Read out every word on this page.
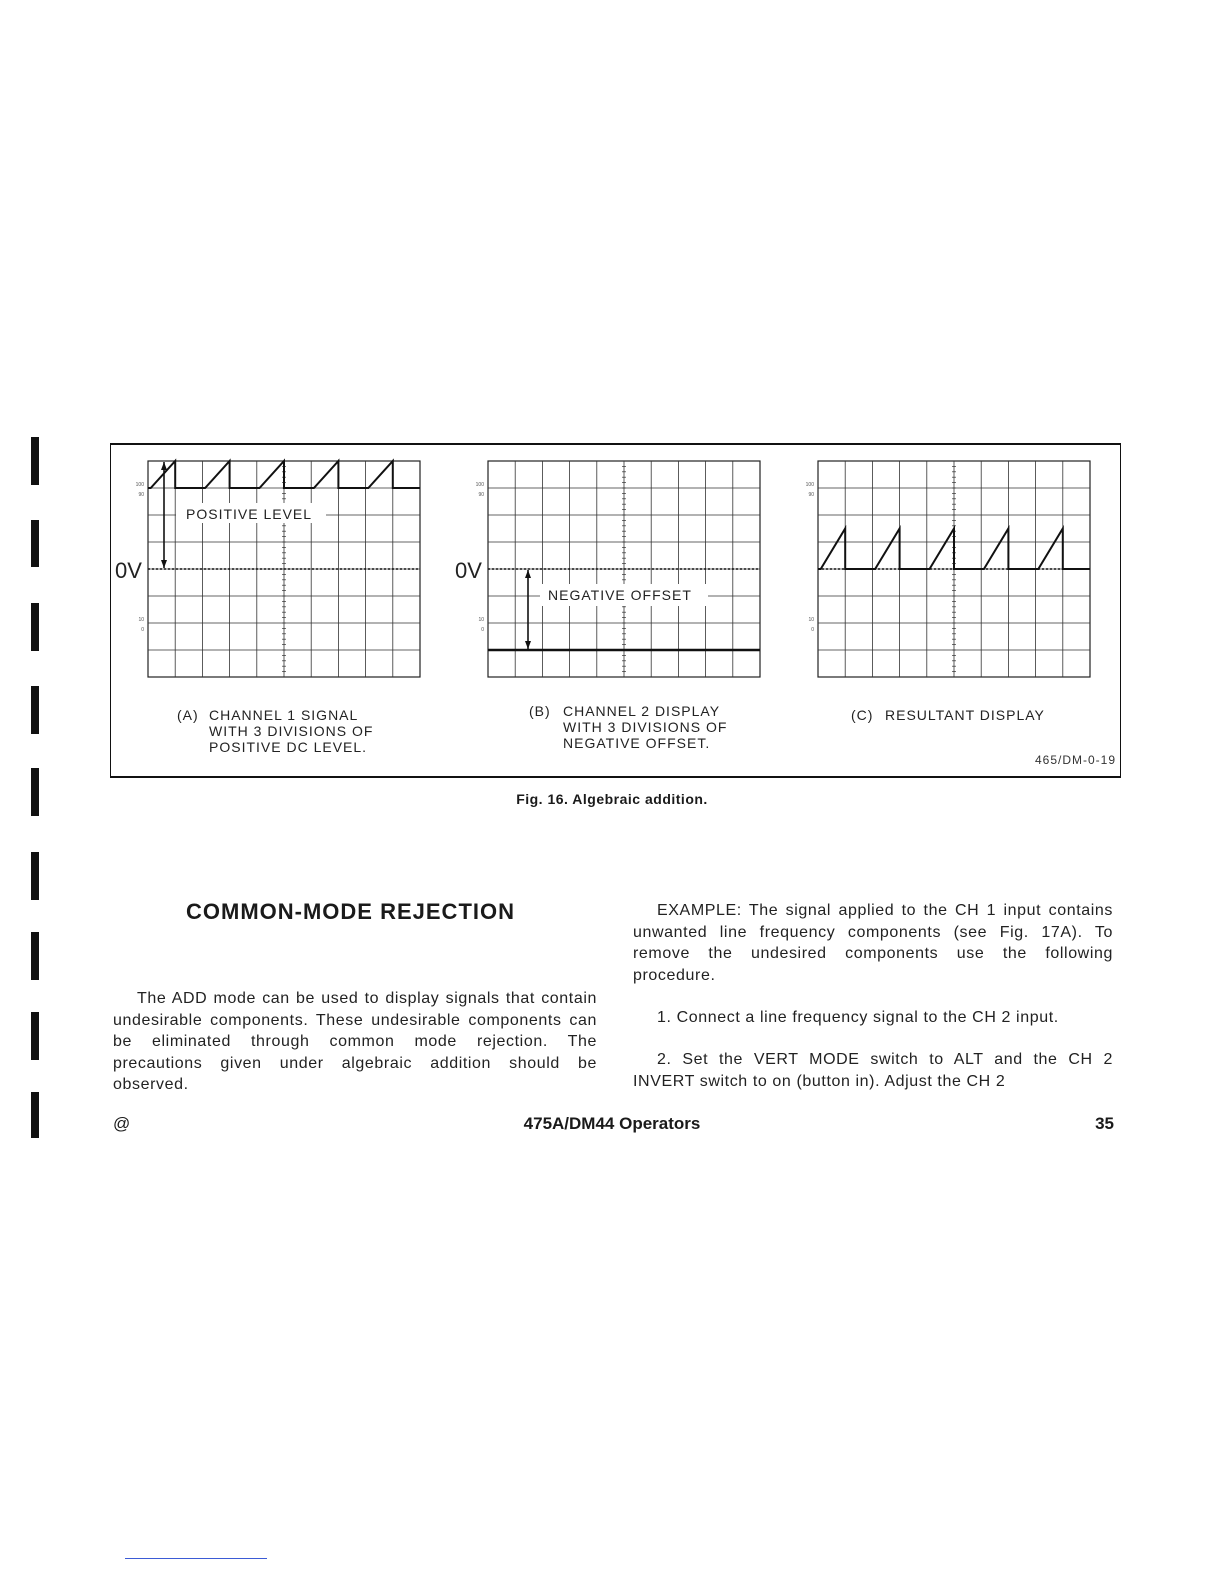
100
90
10
0
0V
POSITIVE LEVEL
100
90
10
0
0V
NEGATIVE OFFSET
100
90
10
0
(A) CHANNEL 1 SIGNAL
WITH 3 DIVISIONS OF
POSITIVE DC LEVEL.
(B) CHANNEL 2 DISPLAY
WITH 3 DIVISIONS OF
NEGATIVE OFFSET.
(C) RESULTANT DISPLAY
465/DM-0-19
Fig. 16. Algebraic addition.
COMMON-MODE REJECTION
The ADD mode can be used to display signals that contain undesirable components. These undesirable components can be eliminated through common mode rejection. The precautions given under algebraic addition should be observed.
EXAMPLE: The signal applied to the CH 1 input contains unwanted line frequency components (see Fig. 17A). To remove the undesired components use the following procedure.
1. Connect a line frequency signal to the CH 2 input.
2. Set the VERT MODE switch to ALT and the CH 2 INVERT switch to on (button in). Adjust the CH 2
@	475A/DM44 Operators	35
